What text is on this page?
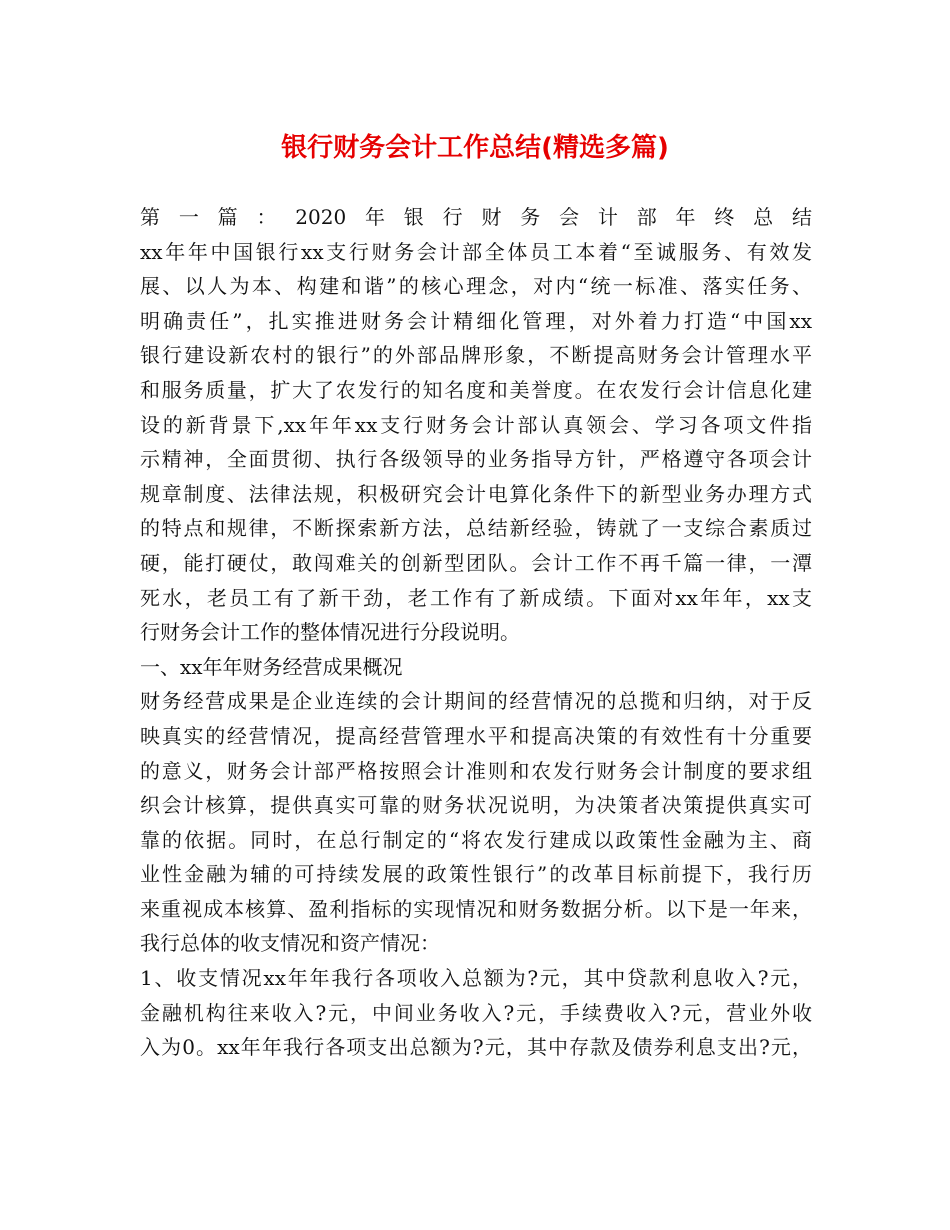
银行财务会计工作总结(精选多篇)
第一篇：2020年银行财务会计部年终总结
xx年年中国银行xx支行财务会计部全体员工本着“至诚服务、有效发
展、以人为本、构建和谐”的核心理念，对内“统一标准、落实任务、
明确责任”，扎实推进财务会计精细化管理，对外着力打造“中国xx
银行建设新农村的银行”的外部品牌形象，不断提高财务会计管理水平
和服务质量，扩大了农发行的知名度和美誉度。在农发行会计信息化建
设的新背景下,xx年年xx支行财务会计部认真领会、学习各项文件指
示精神，全面贯彻、执行各级领导的业务指导方针，严格遵守各项会计
规章制度、法律法规，积极研究会计电算化条件下的新型业务办理方式
的特点和规律，不断探索新方法，总结新经验，铸就了一支综合素质过
硬，能打硬仗，敢闯难关的创新型团队。会计工作不再千篇一律，一潭
死水，老员工有了新干劲，老工作有了新成绩。下面对xx年年，xx支
行财务会计工作的整体情况进行分段说明。
一、xx年年财务经营成果概况
财务经营成果是企业连续的会计期间的经营情况的总揽和归纳，对于反
映真实的经营情况，提高经营管理水平和提高决策的有效性有十分重要
的意义，财务会计部严格按照会计准则和农发行财务会计制度的要求组
织会计核算，提供真实可靠的财务状况说明，为决策者决策提供真实可
靠的依据。同时，在总行制定的“将农发行建成以政策性金融为主、商
业性金融为辅的可持续发展的政策性银行”的改革目标前提下，我行历
来重视成本核算、盈利指标的实现情况和财务数据分析。以下是一年来，
我行总体的收支情况和资产情况：
1、收支情况xx年年我行各项收入总额为?元，其中贷款利息收入?元，
金融机构往来收入?元，中间业务收入?元，手续费收入?元，营业外收
入为0。xx年年我行各项支出总额为?元，其中存款及债券利息支出?元，
